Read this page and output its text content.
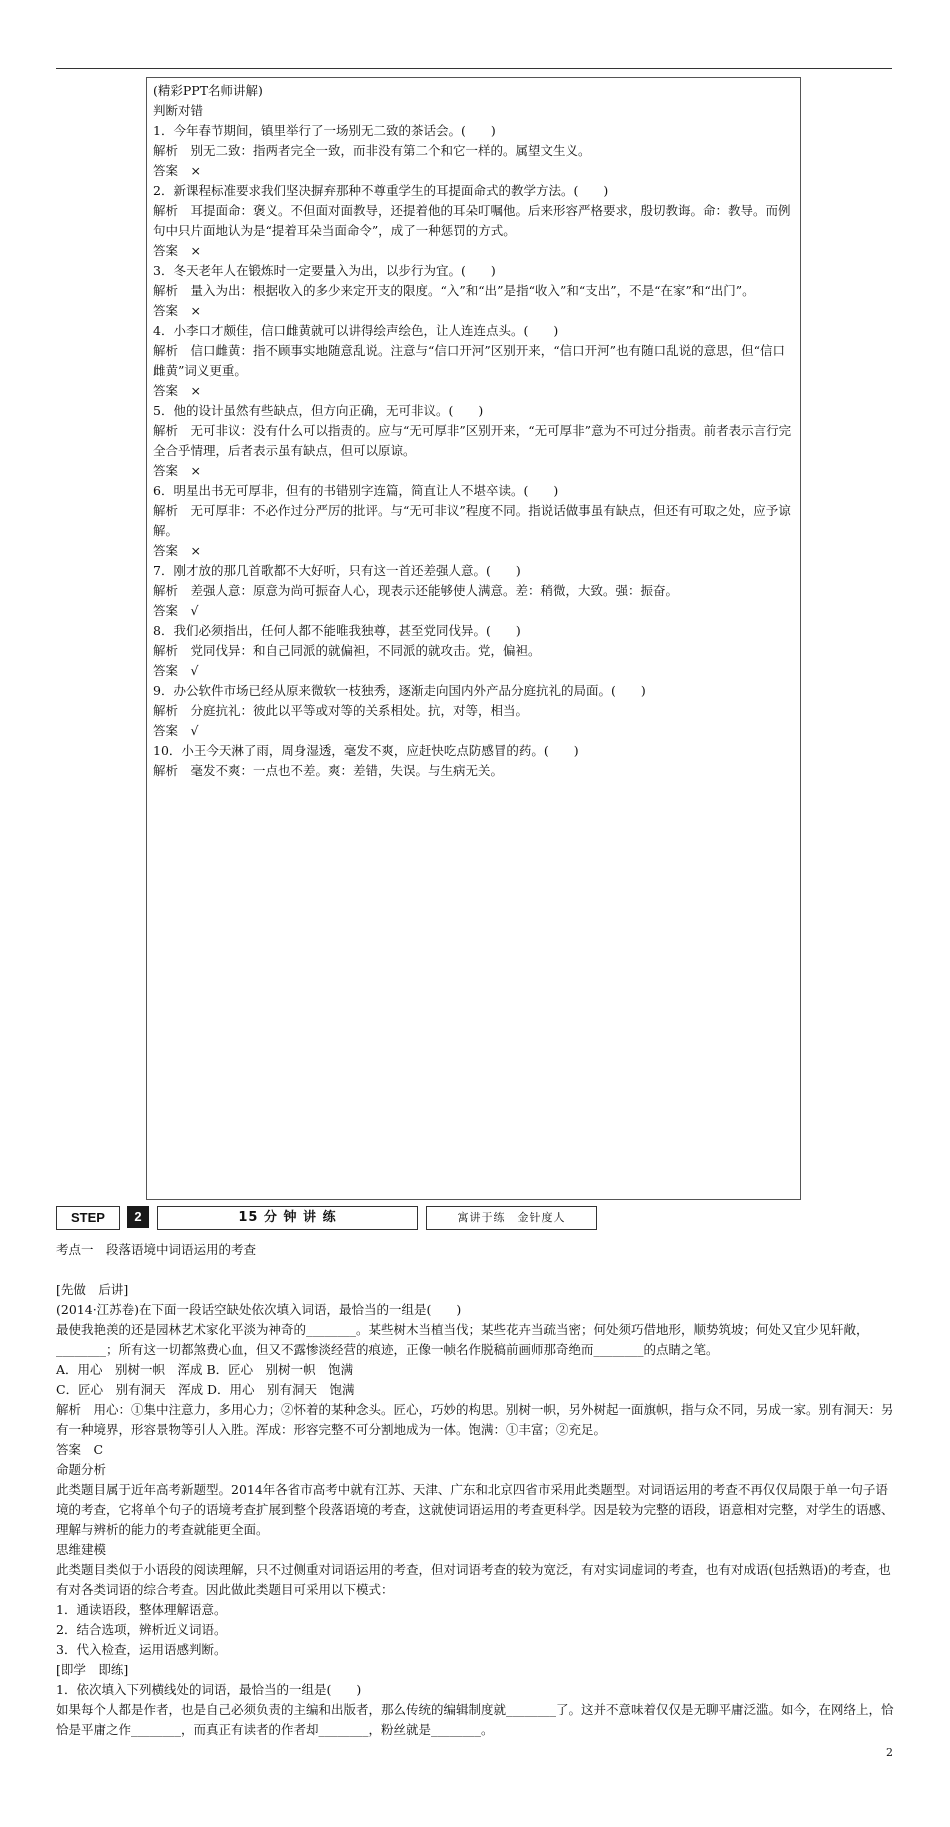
(精彩PPT名师讲解)
判断对错
1．今年春节期间，镇里举行了一场别无二致的茶话会。(　　)
解析　别无二致：指两者完全一致，而非没有第二个和它一样的。属望文生义。
答案　×
2．新课程标准要求我们坚决摒弃那种不尊重学生的耳提面命式的教学方法。(　　)
解析　耳提面命：褒义。不但面对面教导，还提着他的耳朵叮嘱他。后来形容严格要求，殷切教诲。命：教导。而例句中只片面地认为是“提着耳朵当面命令”，成了一种惩罚的方式。
答案　×
3．冬天老年人在锻炼时一定要量入为出，以步行为宜。(　　)
解析　量入为出：根据收入的多少来定开支的限度。“入”和“出”是指“收入”和“支出”，不是“在家”和“出门”。
答案　×
4．小李口才颇佳，信口雌黄就可以讲得绘声绘色，让人连连点头。(　　)
解析　信口雌黄：指不顾事实地随意乱说。注意与“信口开河”区别开来，“信口开河”也有随口乱说的意思，但“信口雌黄”词义更重。
答案　×
5．他的设计虽然有些缺点，但方向正确，无可非议。(　　)
解析　无可非议：没有什么可以指责的。应与“无可厚非”区别开来，“无可厚非”意为不可过分指责。前者表示言行完全合乎情理，后者表示虽有缺点，但可以原谅。
答案　×
6．明星出书无可厚非，但有的书错别字连篇，简直让人不堪卒读。(　　)
解析　无可厚非：不必作过分严厉的批评。与“无可非议”程度不同。指说话做事虽有缺点，但还有可取之处，应予谅解。
答案　×
7．刚才放的那几首歌都不大好听，只有这一首还差强人意。(　　)
解析　差强人意：原意为尚可振奋人心，现表示还能够使人满意。差：稍微，大致。强：振奋。
答案　√
8．我们必须指出，任何人都不能唯我独尊，甚至党同伐异。(　　)
解析　党同伐异：和自己同派的就偏袒，不同派的就攻击。党，偏袒。
答案　√
9．办公软件市场已经从原来微软一枝独秀，逐渐走向国内外产品分庭抗礼的局面。(　　)
解析　分庭抗礼：彼此以平等或对等的关系相处。抗，对等，相当。
答案　√
10．小王今天淋了雨，周身湿透，毫发不爽，应赶快吃点防感冒的药。(　　)
解析　毫发不爽：一点也不差。爽：差错，失误。与生病无关。
STEP	2	15 分 钟 讲 练	寓讲于练　金针度人
考点一　段落语境中词语运用的考查
[先做　后讲]
(2014·江苏卷)在下面一段话空缺处依次填入词语，最恰当的一组是(　　)
最使我艳羡的还是园林艺术家化平淡为神奇的________。某些树木当植当伐；某些花卉当疏当密；何处须巧借地形，顺势筑坡；何处又宜少见轩敞，________；所有这一切都煞费心血，但又不露惨淡经营的痕迹，正像一帧名作脱稿前画师那奇绝而________的点睛之笔。
A．用心　别树一帜　浑成 B．匠心　别树一帜　饱满
C．匠心　别有洞天　浑成 D．用心　别有洞天　饱满
解析　用心：①集中注意力，多用心力；②怀着的某种念头。匠心，巧妙的构思。别树一帜，另外树起一面旗帜，指与众不同，另成一家。别有洞天：另有一种境界，形容景物等引人入胜。浑成：形容完整不可分割地成为一体。饱满：①丰富；②充足。
答案　C
命题分析
此类题目属于近年高考新题型。2014年各省市高考中就有江苏、天津、广东和北京四省市采用此类题型。对词语运用的考查不再仅仅局限于单一句子语境的考查，它将单个句子的语境考查扩展到整个段落语境的考查，这就使词语运用的考查更科学。因是较为完整的语段，语意相对完整，对学生的语感、理解与辨析的能力的考查就能更全面。
思维建模
此类题目类似于小语段的阅读理解，只不过侧重对词语运用的考查，但对词语考查的较为宽泛，有对实词虚词的考查，也有对成语(包括熟语)的考查，也有对各类词语的综合考查。因此做此类题目可采用以下模式：
1．通读语段，整体理解语意。
2．结合选项，辨析近义词语。
3．代入检查，运用语感判断。
[即学　即练]
1．依次填入下列横线处的词语，最恰当的一组是(　　)
如果每个人都是作者，也是自己必须负责的主编和出版者，那么传统的编辑制度就________了。这并不意味着仅仅是无聊平庸泛滥。如今，在网络上，恰恰是平庸之作________，而真正有读者的作者却________，粉丝就是________。
2
